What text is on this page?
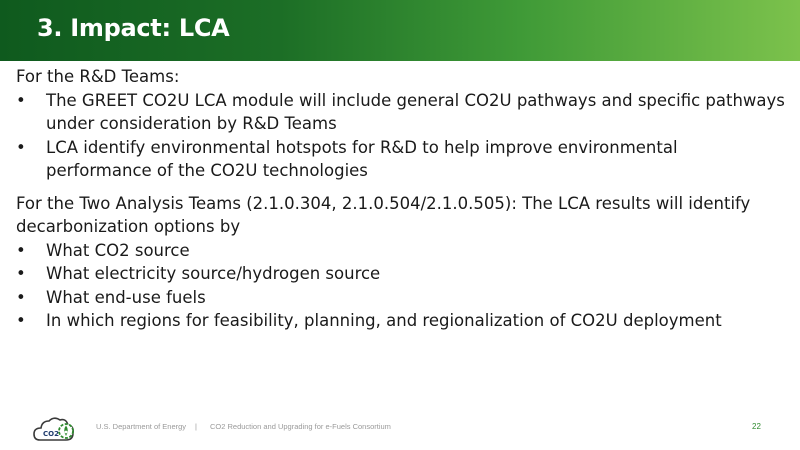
3. Impact: LCA
For the R&D Teams:
• The GREET CO2U LCA module will include general CO2U pathways and specific pathways under consideration by R&D Teams
• LCA identify environmental hotspots for R&D to help improve environmental performance of the CO2U technologies
For the Two Analysis Teams (2.1.0.304, 2.1.0.504/2.1.0.505): The LCA results will identify decarbonization options by
• What CO2 source
• What electricity source/hydrogen source
• What end-use fuels
• In which regions for feasibility, planning, and regionalization of CO2U deployment
CO2
U.S. Department of Energy | CO2 Reduction and Upgrading for e-Fuels Consortium	22
